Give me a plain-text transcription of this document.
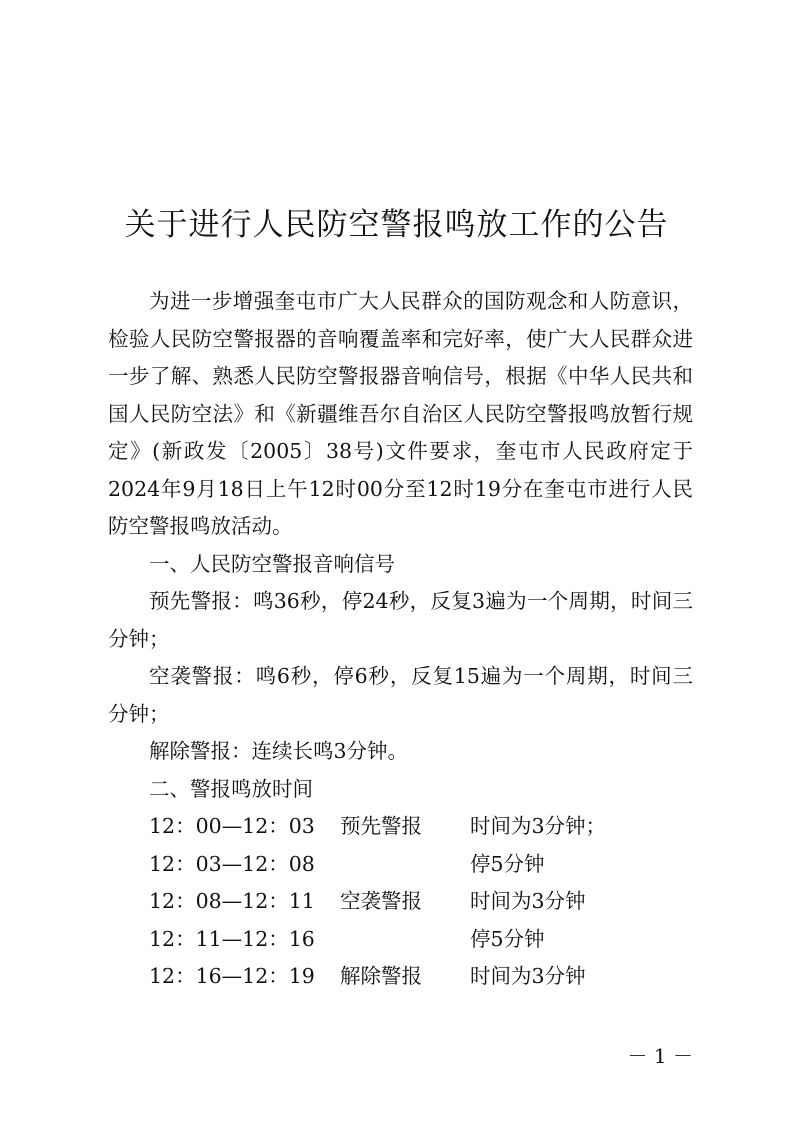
关于进行人民防空警报鸣放工作的公告

为进一步增强奎屯市广大人民群众的国防观念和人防意识，检验人民防空警报器的音响覆盖率和完好率，使广大人民群众进一步了解、熟悉人民防空警报器音响信号，根据《中华人民共和国人民防空法》和《新疆维吾尔自治区人民防空警报鸣放暂行规定》(新政发〔2005〕38号)文件要求，奎屯市人民政府定于2024年9月18日上午12时00分至12时19分在奎屯市进行人民防空警报鸣放活动。

一、人民防空警报音响信号

预先警报：鸣36秒，停24秒，反复3遍为一个周期，时间三分钟；

空袭警报：鸣6秒，停6秒，反复15遍为一个周期，时间三分钟；

解除警报：连续长鸣3分钟。

二、警报鸣放时间

12：00—12：03 预先警报 时间为3分钟；
12：03—12：08	停5分钟
12：08—12：11 空袭警报 时间为3分钟
12：11—12：16	停5分钟
12：16—12：19 解除警报 时间为3分钟
－ 1 －
